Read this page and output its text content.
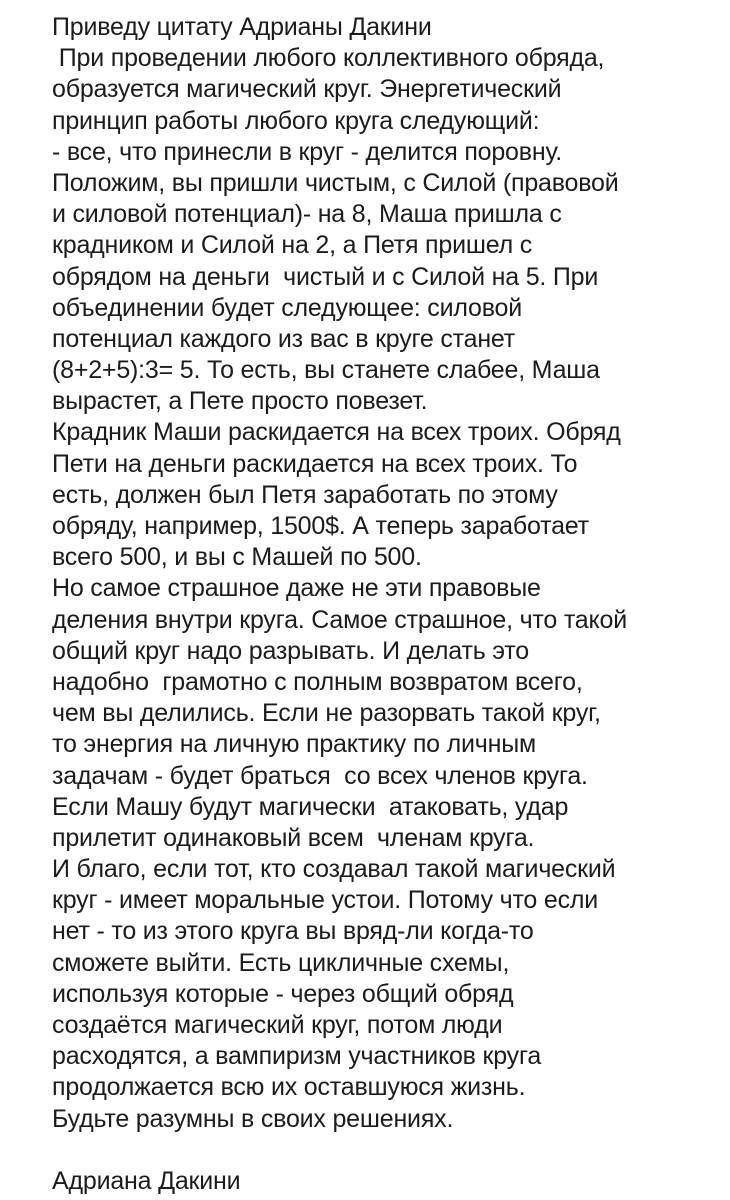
Приведу цитату Адрианы Дакини
При проведении любого коллективного обряда,
образуется магический круг. Энергетический
принцип работы любого круга следующий:
- все, что принесли в круг - делится поровну.
Положим, вы пришли чистым, с Силой (правовой
и силовой потенциал)- на 8, Маша пришла с
крадником и Силой на 2, а Петя пришел с
обрядом на деньги  чистый и с Силой на 5. При
объединении будет следующее: силовой
потенциал каждого из вас в круге станет
(8+2+5):3= 5. То есть, вы станете слабее, Маша
вырастет, а Пете просто повезет.
Крадник Маши раскидается на всех троих. Обряд
Пети на деньги раскидается на всех троих. То
есть, должен был Петя заработать по этому
обряду, например, 1500$. А теперь заработает
всего 500, и вы с Машей по 500.
Но самое страшное даже не эти правовые
деления внутри круга. Самое страшное, что такой
общий круг надо разрывать. И делать это
надобно  грамотно с полным возвратом всего,
чем вы делились. Если не разорвать такой круг,
то энергия на личную практику по личным
задачам - будет браться  со всех членов круга.
Если Машу будут магически  атаковать, удар
прилетит одинаковый всем  членам круга.
И благо, если тот, кто создавал такой магический
круг - имеет моральные устои. Потому что если
нет - то из этого круга вы вряд-ли когда-то
сможете выйти. Есть цикличные схемы,
используя которые - через общий обряд
создаётся магический круг, потом люди
расходятся, а вампиризм участников круга
продолжается всю их оставшуюся жизнь.
Будьте разумны в своих решениях.
Адриана Дакини
